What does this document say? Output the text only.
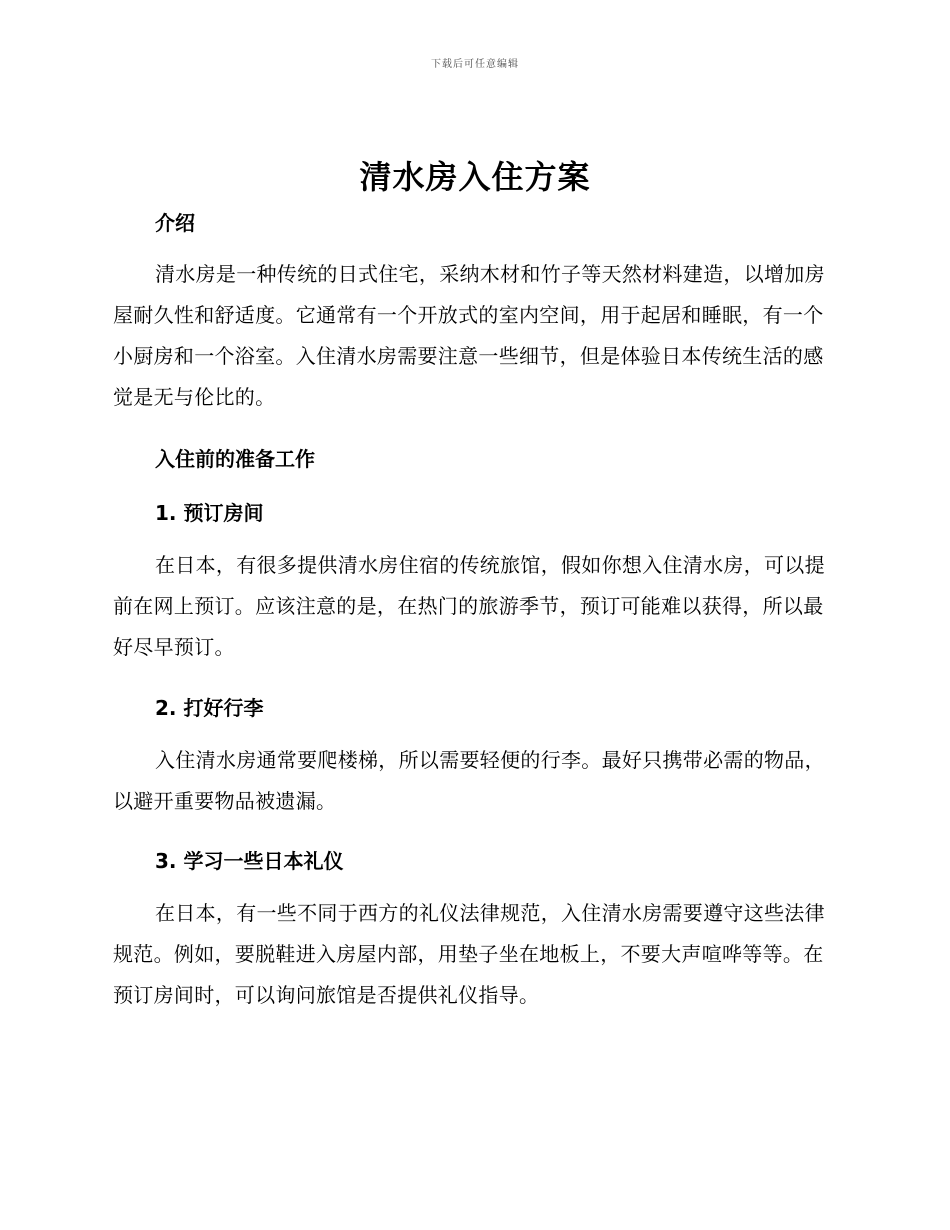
下载后可任意编辑
清水房入住方案
介绍

清水房是一种传统的日式住宅，采纳木材和竹子等天然材料建造，以增加房屋耐久性和舒适度。它通常有一个开放式的室内空间，用于起居和睡眠，有一个小厨房和一个浴室。入住清水房需要注意一些细节，但是体验日本传统生活的感觉是无与伦比的。

入住前的准备工作
1. 预订房间

在日本，有很多提供清水房住宿的传统旅馆，假如你想入住清水房，可以提前在网上预订。应该注意的是，在热门的旅游季节，预订可能难以获得，所以最好尽早预订。

2. 打好行李

入住清水房通常要爬楼梯，所以需要轻便的行李。最好只携带必需的物品，以避开重要物品被遗漏。

3. 学习一些日本礼仪

在日本，有一些不同于西方的礼仪法律规范，入住清水房需要遵守这些法律规范。例如，要脱鞋进入房屋内部，用垫子坐在地板上，不要大声喧哗等等。在预订房间时，可以询问旅馆是否提供礼仪指导。
